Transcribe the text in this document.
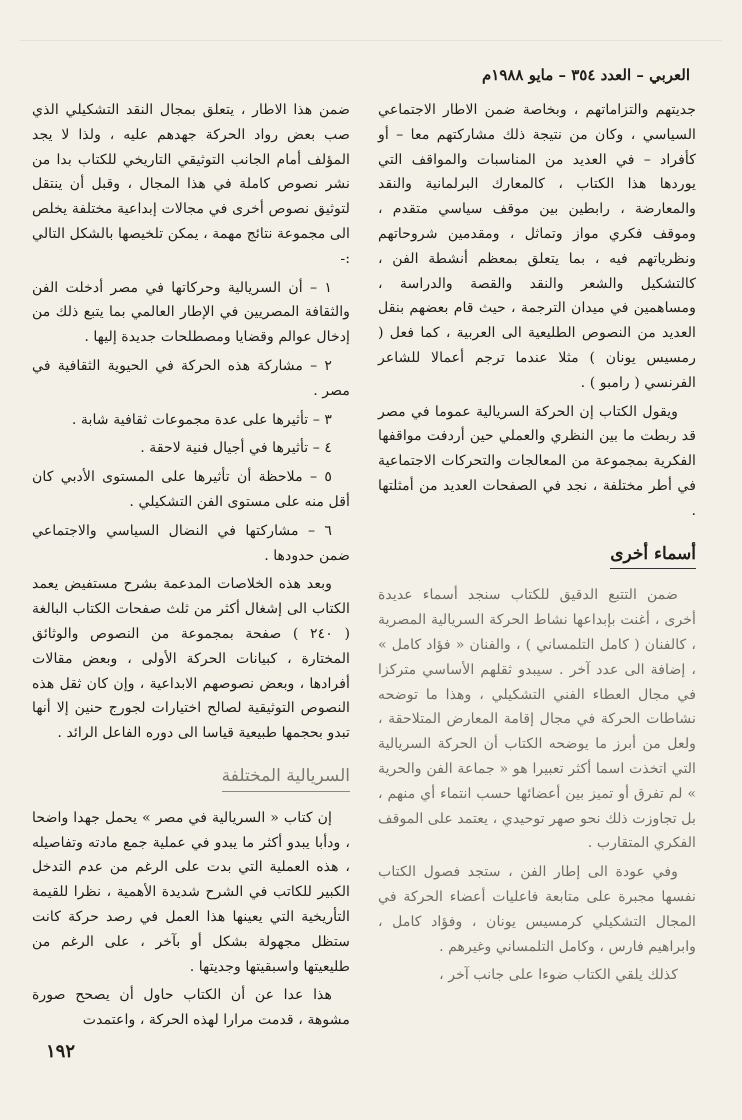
العربي – العدد ٣٥٤ – مايو ١٩٨٨م

جديتهم والتزاماتهم ، وبخاصة ضمن الاطار الاجتماعي السياسي ، وكان من نتيجة ذلك مشاركتهم معا – أو كأفراد – في العديد من المناسبات والمواقف التي يوردها هذا الكتاب ، كالمعارك البرلمانية والنقد والمعارضة ، رابطين بين موقف سياسي متقدم ، وموقف فكري مواز وتماثل ، ومقدمين شروحاتهم ونظرياتهم فيه ، بما يتعلق بمعظم أنشطة الفن ، كالتشكيل والشعر والنقد والقصة والدراسة ، ومساهمين في ميدان الترجمة ، حيث قام بعضهم بنقل العديد من النصوص الطليعية الى العربية ، كما فعل ( رمسيس يونان ) مثلا عندما ترجم أعمالا للشاعر الفرنسي ( رامبو ) .

ويقول الكتاب إن الحركة السريالية عموما في مصر قد ربطت ما بين النظري والعملي حين أردفت مواقفها الفكرية بمجموعة من المعالجات والتحركات الاجتماعية في أطر مختلفة ، نجد في الصفحات العديد من أمثلتها .

أسماء أخرى

ضمن التتبع الدقيق للكتاب سنجد أسماء عديدة أخرى ، أغنت بإبداعها نشاط الحركة السريالية المصرية ، كالفنان ( كامل التلمساني ) ، والفنان « فؤاد كامل » ، إضافة الى عدد آخر . سيبدو ثقلهم الأساسي متركزا في مجال العطاء الفني التشكيلي ، وهذا ما توضحه نشاطات الحركة في مجال إقامة المعارض المتلاحقة ، ولعل من أبرز ما يوضحه الكتاب أن الحركة السريالية التي اتخذت اسما أكثر تعبيرا هو « جماعة الفن والحرية » لم تفرق أو تميز بين أعضائها حسب انتماء أي منهم ، بل تجاوزت ذلك نحو صهر توحيدي ، يعتمد على الموقف الفكري المتقارب .

وفي عودة الى إطار الفن ، ستجد فصول الكتاب نفسها مجبرة على متابعة فاعليات أعضاء الحركة في المجال التشكيلي كرمسيس يونان ، وفؤاد كامل ، وابراهيم فارس ، وكامل التلمساني وغيرهم .

كذلك يلقي الكتاب ضوءا على جانب آخر ،

ضمن هذا الاطار ، يتعلق بمجال النقد التشكيلي الذي صب بعض رواد الحركة جهدهم عليه ، ولذا لا يجد المؤلف أمام الجانب التوثيقي التاريخي للكتاب بدا من نشر نصوص كاملة في هذا المجال ، وقبل أن ينتقل لتوثيق نصوص أخرى في مجالات إبداعية مختلفة يخلص الى مجموعة نتائج مهمة ، يمكن تلخيصها بالشكل التالي :-

١ – أن السريالية وحركاتها في مصر أدخلت الفن والثقافة المصريين في الإطار العالمي بما يتبع ذلك من إدخال عوالم وقضايا ومصطلحات جديدة إليها .

٢ – مشاركة هذه الحركة في الحيوية الثقافية في مصر .

٣ – تأثيرها على عدة مجموعات ثقافية شابة .

٤ – تأثيرها في أجيال فنية لاحقة .

٥ – ملاحظة أن تأثيرها على المستوى الأدبي كان أقل منه على مستوى الفن التشكيلي .

٦ – مشاركتها في النضال السياسي والاجتماعي ضمن حدودها .

وبعد هذه الخلاصات المدعمة بشرح مستفيض يعمد الكتاب الى إشغال أكثر من ثلث صفحات الكتاب البالغة ( ٢٤٠ ) صفحة بمجموعة من النصوص والوثائق المختارة ، كبيانات الحركة الأولى ، وبعض مقالات أفرادها ، وبعض نصوصهم الابداعية ، وإن كان ثقل هذه النصوص التوثيقية لصالح اختيارات لجورج حنين إلا أنها تبدو بحجمها طبيعية قياسا الى دوره الفاعل الرائد .

السريالية المختلفة

إن كتاب « السريالية في مصر » يحمل جهدا واضحا ، ودأبا يبدو أكثر ما يبدو في عملية جمع مادته وتفاصيله ، هذه العملية التي بدت على الرغم من عدم التدخل الكبير للكاتب في الشرح شديدة الأهمية ، نظرا للقيمة التأريخية التي يعينها هذا العمل في رصد حركة كانت ستظل مجهولة بشكل أو بآخر ، على الرغم من طليعيتها واسبقيتها وجديتها .

هذا عدا عن أن الكتاب حاول أن يصحح صورة مشوهة ، قدمت مرارا لهذه الحركة ، واعتمدت

١٩٢
